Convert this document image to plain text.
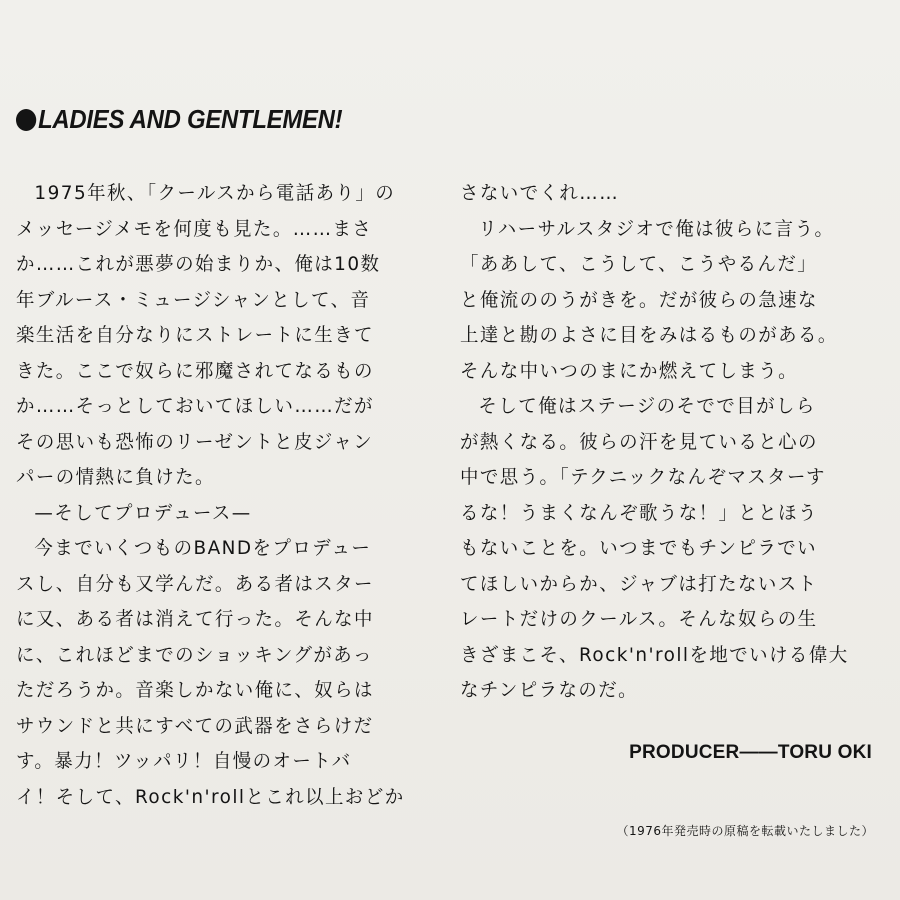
LADIES AND GENTLEMEN!
1975年秋、「クールスから電話あり」の
メッセージメモを何度も見た。……まさ
か……これが悪夢の始まりか、俺は10数
年ブルース・ミュージシャンとして、音
楽生活を自分なりにストレートに生きて
きた。ここで奴らに邪魔されてなるもの
か……そっとしておいてほしい……だが
その思いも恐怖のリーゼントと皮ジャン
パーの情熱に負けた。
—そしてプロデュース—
今までいくつものBANDをプロデュー
スし、自分も又学んだ。ある者はスター
に又、ある者は消えて行った。そんな中
に、これほどまでのショッキングがあっ
ただろうか。音楽しかない俺に、奴らは
サウンドと共にすべての武器をさらけだ
す。暴力！ツッパリ！自慢のオートバ
イ！そして、Rock'n'rollとこれ以上おどか
さないでくれ……
リハーサルスタジオで俺は彼らに言う。
「ああして、こうして、こうやるんだ」
と俺流ののうがきを。だが彼らの急速な
上達と勘のよさに目をみはるものがある。
そんな中いつのまにか燃えてしまう。
そして俺はステージのそでで目がしら
が熱くなる。彼らの汗を見ていると心の
中で思う。「テクニックなんぞマスターす
るな！うまくなんぞ歌うな！」ととほう
もないことを。いつまでもチンピラでい
てほしいからか、ジャブは打たないスト
レートだけのクールス。そんな奴らの生
きざまこそ、Rock'n'rollを地でいける偉大
なチンピラなのだ。
PRODUCER——TORU OKI
（1976年発売時の原稿を転載いたしました）
